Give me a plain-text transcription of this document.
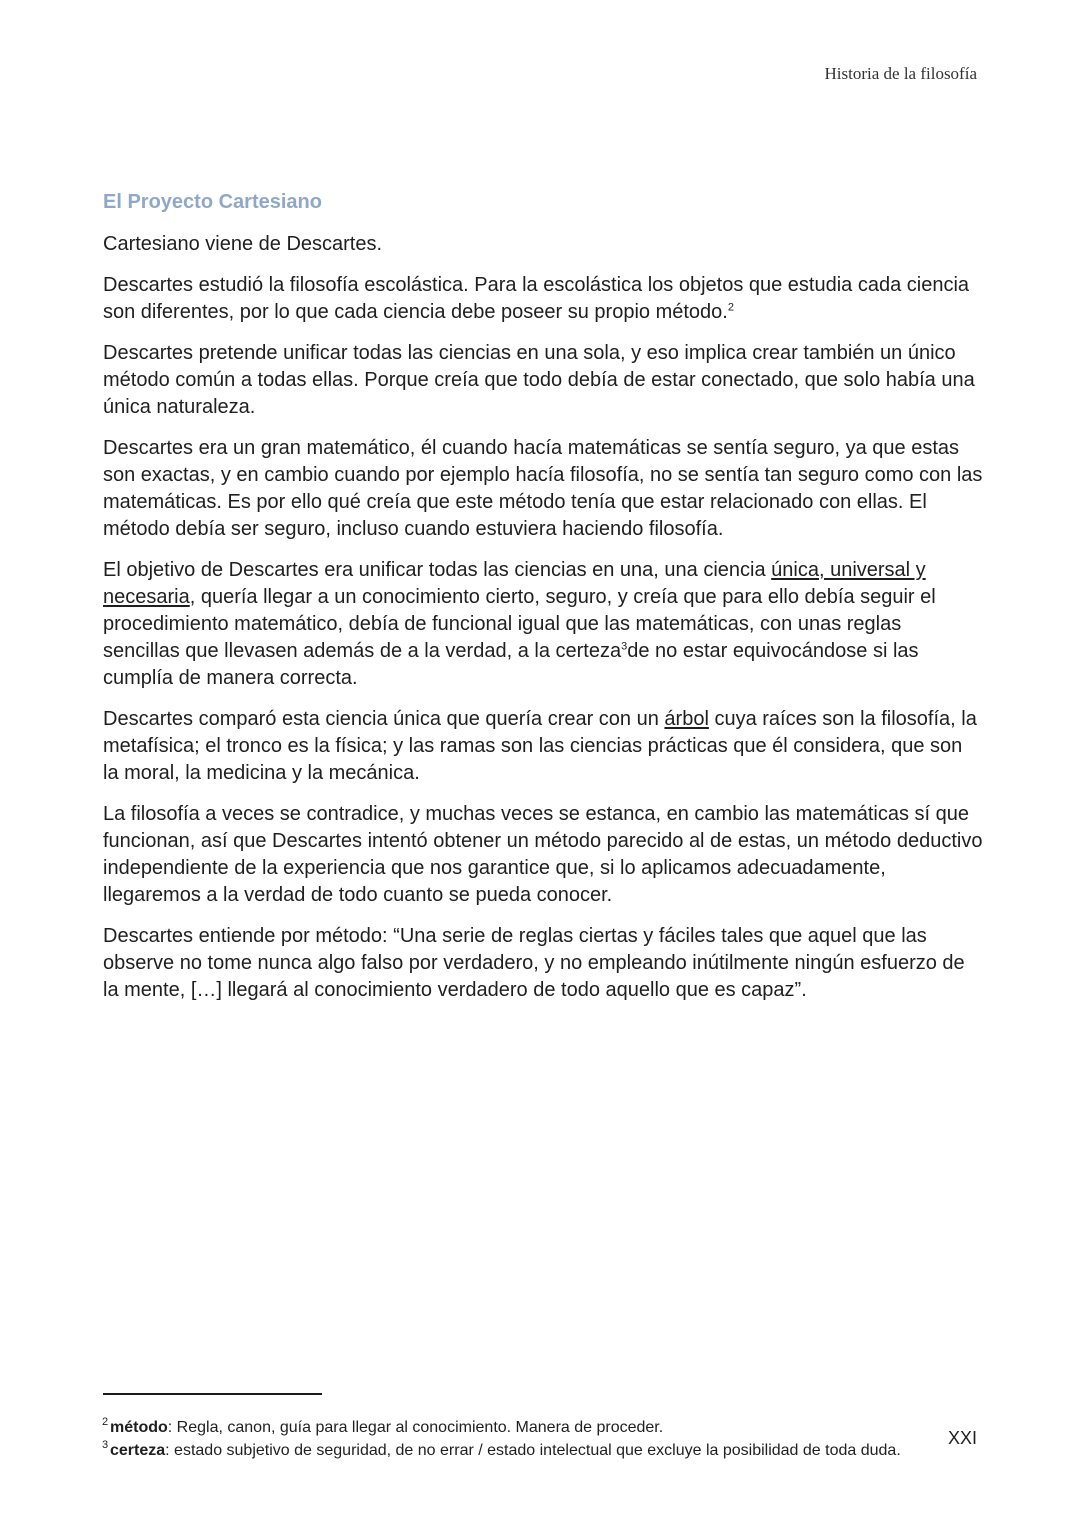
Historia de la filosofía
El Proyecto Cartesiano

Cartesiano viene de Descartes.

Descartes estudió la filosofía escolástica. Para la escolástica los objetos que estudia cada ciencia son diferentes, por lo que cada ciencia debe poseer su propio método.$^2$

Descartes pretende unificar todas las ciencias en una sola, y eso implica crear también un único método común a todas ellas. Porque creía que todo debía de estar conectado, que solo había una única naturaleza.

Descartes era un gran matemático, él cuando hacía matemáticas se sentía seguro, ya que estas son exactas, y en cambio cuando por ejemplo hacía filosofía, no se sentía tan seguro como con las matemáticas. Es por ello qué creía que este método tenía que estar relacionado con ellas. El método debía ser seguro, incluso cuando estuviera haciendo filosofía.

El objetivo de Descartes era unificar todas las ciencias en una, una ciencia única, universal y necesaria, quería llegar a un conocimiento cierto, seguro, y creía que para ello debía seguir el procedimiento matemático, debía de funcional igual que las matemáticas, con unas reglas sencillas que llevasen además de a la verdad, a la certeza$^3$de no estar equivocándose si las cumplía de manera correcta.

Descartes comparó esta ciencia única que quería crear con un árbol cuya raíces son la filosofía, la metafísica; el tronco es la física; y las ramas son las ciencias prácticas que él considera, que son la moral, la medicina y la mecánica.

La filosofía a veces se contradice, y muchas veces se estanca, en cambio las matemáticas sí que funcionan, así que Descartes intentó obtener un método parecido al de estas, un método deductivo independiente de la experiencia que nos garantice que, si lo aplicamos adecuadamente, llegaremos a la verdad de todo cuanto se pueda conocer.

Descartes entiende por método: “Una serie de reglas ciertas y fáciles tales que aquel que las observe no tome nunca algo falso por verdadero, y no empleando inútilmente ningún esfuerzo de la mente, […] llegará al conocimiento verdadero de todo aquello que es capaz”.

2 método: Regla, canon, guía para llegar al conocimiento. Manera de proceder.

3 certeza: estado subjetivo de seguridad, de no errar / estado intelectual que excluye la posibilidad de toda duda.

XXI
